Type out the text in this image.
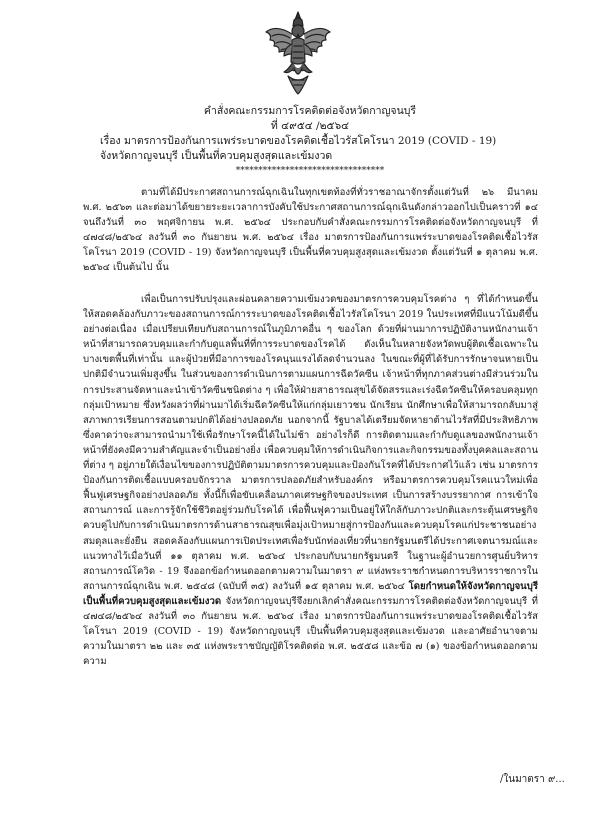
คำสั่งคณะกรรมการโรคติดต่อจังหวัดกาญจนบุรี
ที่ ๔๙๕๔ /๒๕๖๔
เรื่อง มาตรการป้องกันการแพร่ระบาดของโรคติดเชื้อไวรัสโคโรนา 2019 (COVID - 19)
จังหวัดกาญจนบุรี เป็นพื้นที่ควบคุมสูงสุดและเข้มงวด
*********************************

ตามที่ได้มีประกาศสถานการณ์ฉุกเฉินในทุกเขตท้องที่ทั่วราชอาณาจักรตั้งแต่วันที่ ๒๖ มีนาคม พ.ศ. ๒๕๖๓ และต่อมาได้ขยายระยะเวลาการบังคับใช้ประกาศสถานการณ์ฉุกเฉินดังกล่าวออกไปเป็นคราวที่ ๑๔ จนถึงวันที่ ๓๐ พฤศจิกายน พ.ศ. ๒๕๖๔ ประกอบกับคำสั่งคณะกรรมการโรคติดต่อจังหวัดกาญจนบุรี ที่ ๔๗๔๘/๒๕๖๔ ลงวันที่ ๓๐ กันยายน พ.ศ. ๒๕๖๔ เรื่อง มาตรการป้องกันการแพร่ระบาดของโรคติดเชื้อไวรัสโคโรนา 2019 (COVID - 19) จังหวัดกาญจนบุรี เป็นพื้นที่ควบคุมสูงสุดและเข้มงวด ตั้งแต่วันที่ ๑ ตุลาคม พ.ศ. ๒๕๖๔ เป็นต้นไป นั้น

เพื่อเป็นการปรับปรุงและผ่อนคลายความเข้มงวดของมาตรการควบคุมโรคต่าง ๆ ที่ได้กำหนดขึ้นให้สอดคล้องกับภาวะของสถานการณ์การระบาดของโรคติดเชื้อไวรัสโคโรนา 2019 ในประเทศที่มีแนวโน้มดีขึ้นอย่างต่อเนื่อง เมื่อเปรียบเทียบกับสถานการณ์ในภูมิภาคอื่น ๆ ของโลก ด้วยที่ผ่านมาการปฏิบัติงานหนักงานเจ้าหน้าที่สามารถควบคุมและกำกับดูแลพื้นที่ที่การระบาดของโรคได้ ดังเห็นในหลายจังหวัดพบผู้ติดเชื้อเฉพาะในบางเขตพื้นที่เท่านั้น และผู้ป่วยที่มีอาการของโรคนุนแรงได้ลดจำนวนลง ในขณะที่ผู้ที่ได้รับการรักษาจนหายเป็นปกติมีจำนวนเพิ่มสูงขึ้น ในส่วนของการดำเนินการตามแผนการฉีดวัคซีน เจ้าหน้าที่ทุกภาคส่วนต่างมีส่วนร่วมในการประสานจัดหาและนำเข้าวัคซีนชนิดต่าง ๆ เพื่อให้ฝ่ายสาธารณสุขได้จัดสรรและเร่งฉีดวัคซีนให้ครอบคลุมทุกกลุ่มเป้าหมาย ซึ่งหวังผลว่าที่ผ่านมาได้เริ่มฉีดวัคซีนให้แก่กลุ่มเยาวชน นักเรียน นักศึกษาเพื่อให้สามารถกลับมาสู่สภาพการเรียนการสอนตามปกติได้อย่างปลอดภัย นอกจากนี้ รัฐบาลได้เตรียมจัดหายาต้านไวรัสที่มีประสิทธิภาพซึ่งคาดว่าจะสามารถนำมาใช้เพื่อรักษาโรคนี้ได้ในไม่ช้า อย่างไรก็ดี การติดตามและกำกับดูแลของพนักงานเจ้าหน้าที่ยังคงมีความสำคัญและจำเป็นอย่างยิ่ง เพื่อควบคุมให้การดำเนินกิจการและกิจกรรมของทั้งบุคคลและสถานที่ต่าง ๆ อยู่ภายใต้เงื่อนไขของการปฏิบัติตามมาตรการควบคุมและป้องกันโรคที่ได้ประกาศไว้แล้ว เช่น มาตรการป้องกันการติดเชื้อแบบครอบจักรวาล มาตรการปลอดภัยสำหรับองค์กร หรือมาตรการควบคุมโรคแนวใหม่เพื่อฟื้นฟูเศรษฐกิจอย่างปลอดภัย ทั้งนี้ก็เพื่อขับเคลื่อนภาคเศรษฐกิจของประเทศ เป็นการสร้างบรรยากาศ การเข้าใจสถานการณ์ และการรู้จักใช้ชีวิตอยู่ร่วมกับโรคได้ เพื่อฟื้นฟูความเป็นอยู่ให้ใกล้กับภาวะปกติและกระตุ้นเศรษฐกิจควบคู่ไปกับการดำเนินมาตรการด้านสาธารณสุขเพื่อมุ่งเป้าหมายสู่การป้องกันและควบคุมโรคแก่ประชาชนอย่างสมดุลและยั่งยืน สอดคล้องกับแผนการเปิดประเทศเพื่อรับนักท่องเที่ยวที่นายกรัฐมนตรีได้ประกาศเจตนารมณ์และแนวทางไว้เมื่อวันที่ ๑๑ ตุลาคม พ.ศ. ๒๕๖๔ ประกอบกับนายกรัฐมนตรี ในฐานะผู้อำนวยการศูนย์บริหารสถานการณ์โควิด - 19 จึงออกข้อกำหนดออกตามความในมาตรา ๙ แห่งพระราชกำหนดการบริหารราชการในสถานการณ์ฉุกเฉิน พ.ศ. ๒๕๔๘ (ฉบับที่ ๓๕) ลงวันที่ ๑๕ ตุลาคม พ.ศ. ๒๕๖๔ โดยกำหนดให้จังหวัดกาญจนบุรี เป็นพื้นที่ควบคุมสูงสุดและเข้มงวด จังหวัดกาญจนบุรีจึงยกเลิกคำสั่งคณะกรรมการโรคติดต่อจังหวัดกาญจนบุรี ที่ ๔๗๔๘/๒๕๖๔ ลงวันที่ ๓๐ กันยายน พ.ศ. ๒๕๖๔ เรื่อง มาตรการป้องกันการแพร่ระบาดของโรคติดเชื้อไวรัสโคโรนา 2019 (COVID - 19) จังหวัดกาญจนบุรี เป็นพื้นที่ควบคุมสูงสุดและเข้มงวด และอาศัยอำนาจตามความในมาตรา ๒๒ และ ๓๕ แห่งพระราชบัญญัติโรคติดต่อ พ.ศ. ๒๕๕๘ และข้อ ๗ (๑) ของข้อกำหนดออกตามความ

/ในมาตรา ๙...
